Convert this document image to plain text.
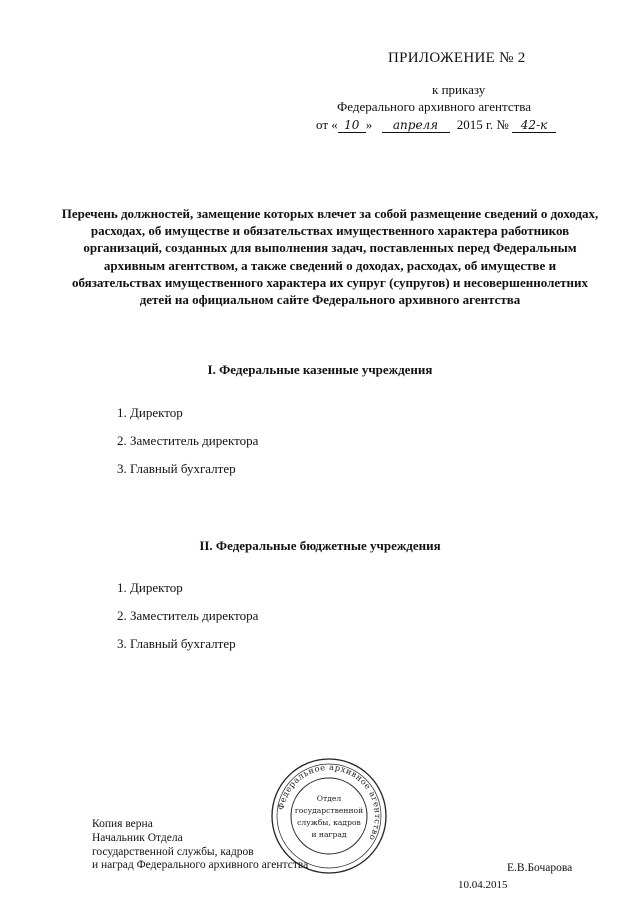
ПРИЛОЖЕНИЕ № 2
к приказу
Федерального архивного агентства
от « 10 » апреля 2015 г. № 42-к
Перечень должностей, замещение которых влечет за собой размещение сведений о доходах, расходах, об имуществе и обязательствах имущественного характера работников организаций, созданных для выполнения задач, поставленных перед Федеральным архивным агентством, а также сведений о доходах, расходах, об имуществе и обязательствах имущественного характера их супруг (супругов) и несовершеннолетних детей на официальном сайте Федерального архивного агентства
I. Федеральные казенные учреждения
1. Директор
2. Заместитель директора
3. Главный бухгалтер
II. Федеральные бюджетные учреждения
1. Директор
2. Заместитель директора
3. Главный бухгалтер
Федеральное архивное агентство
Отдел
государственной
службы, кадров
и наград
Копия верна
Начальник Отдела
государственной службы, кадров
и наград Федерального архивного агентства	Е.В.Бочарова
10.04.2015
